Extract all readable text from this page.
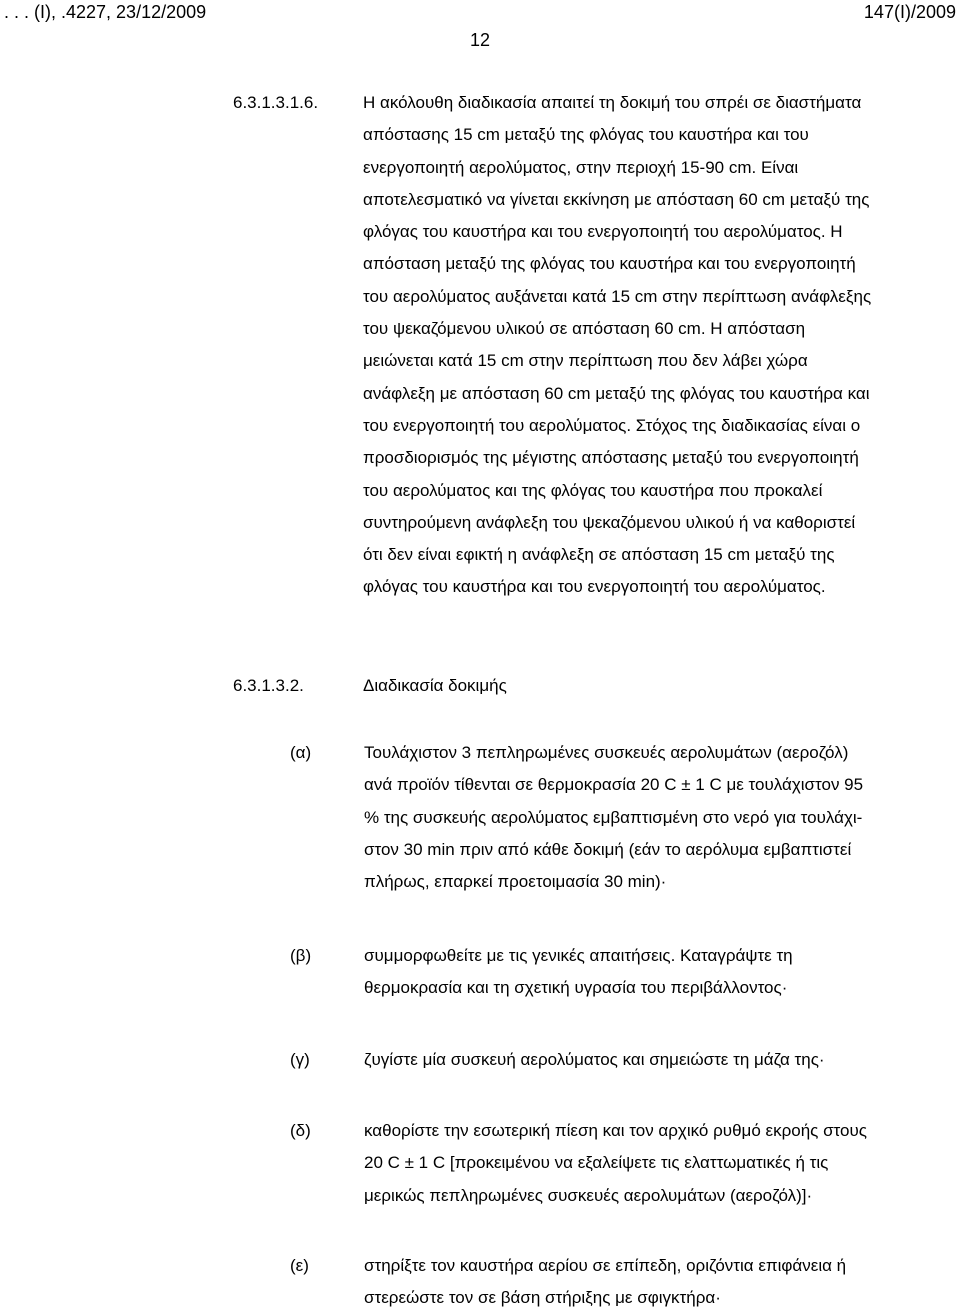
. . . (Ι), .4227, 23/12/2009	147(Ι)/2009
12
6.3.1.3.1.6.	Η ακόλουθη διαδικασία απαιτεί τη δοκιμή του σπρέι σε διαστήματα
απόστασης 15 cm μεταξύ της φλόγας του καυστήρα και του
ενεργοποιητή αερολύματος, στην περιοχή 15-90 cm. Είναι
αποτελεσματικό να γίνεται εκκίνηση με απόσταση 60 cm μεταξύ της
φλόγας του καυστήρα και του ενεργοποιητή του αερολύματος. Η
απόσταση μεταξύ της φλόγας του καυστήρα και του ενεργοποιητή
του αερολύματος αυξάνεται κατά 15 cm στην περίπτωση ανάφλεξης
του ψεκαζόμενου υλικού σε απόσταση 60 cm. Η απόσταση
μειώνεται κατά 15 cm στην περίπτωση που δεν λάβει χώρα
ανάφλεξη με απόσταση 60 cm μεταξύ της φλόγας του καυστήρα και
του ενεργοποιητή του αερολύματος. Στόχος της διαδικασίας είναι ο
προσδιορισμός της μέγιστης απόστασης μεταξύ του ενεργοποιητή
του αερολύματος και της φλόγας του καυστήρα που προκαλεί
συντηρούμενη ανάφλεξη του ψεκαζόμενου υλικού ή να καθοριστεί
ότι δεν είναι εφικτή η ανάφλεξη σε απόσταση 15 cm μεταξύ της
φλόγας του καυστήρα και του ενεργοποιητή του αερολύματος.

6.3.1.3.2.	Διαδικασία δοκιμής
(α)	Τουλάχιστον 3 πεπληρωμένες συσκευές αερολυμάτων (αεροζόλ)
ανά προϊόν τίθενται σε θερμοκρασία 20 C ± 1 C με τουλάχιστον 95
% της συσκευής αερολύματος εμβαπτισμένη στο νερό για τουλάχι-
στον 30 min πριν από κάθε δοκιμή (εάν το αερόλυμα εμβαπτιστεί
πλήρως, επαρκεί προετοιμασία 30 min)·

(β)	συμμορφωθείτε με τις γενικές απαιτήσεις. Καταγράψτε τη
θερμοκρασία και τη σχετική υγρασία του περιβάλλοντος·

(γ)	ζυγίστε μία συσκευή αερολύματος και σημειώστε τη μάζα της·

(δ)	καθορίστε την εσωτερική πίεση και τον αρχικό ρυθμό εκροής στους
20 C ± 1 C [προκειμένου να εξαλείψετε τις ελαττωματικές ή τις
μερικώς πεπληρωμένες συσκευές αερολυμάτων (αεροζόλ)]·

(ε)	στηρίξτε τον καυστήρα αερίου σε επίπεδη, οριζόντια επιφάνεια ή
στερεώστε τον σε βάση στήριξης με σφιγκτήρα·
